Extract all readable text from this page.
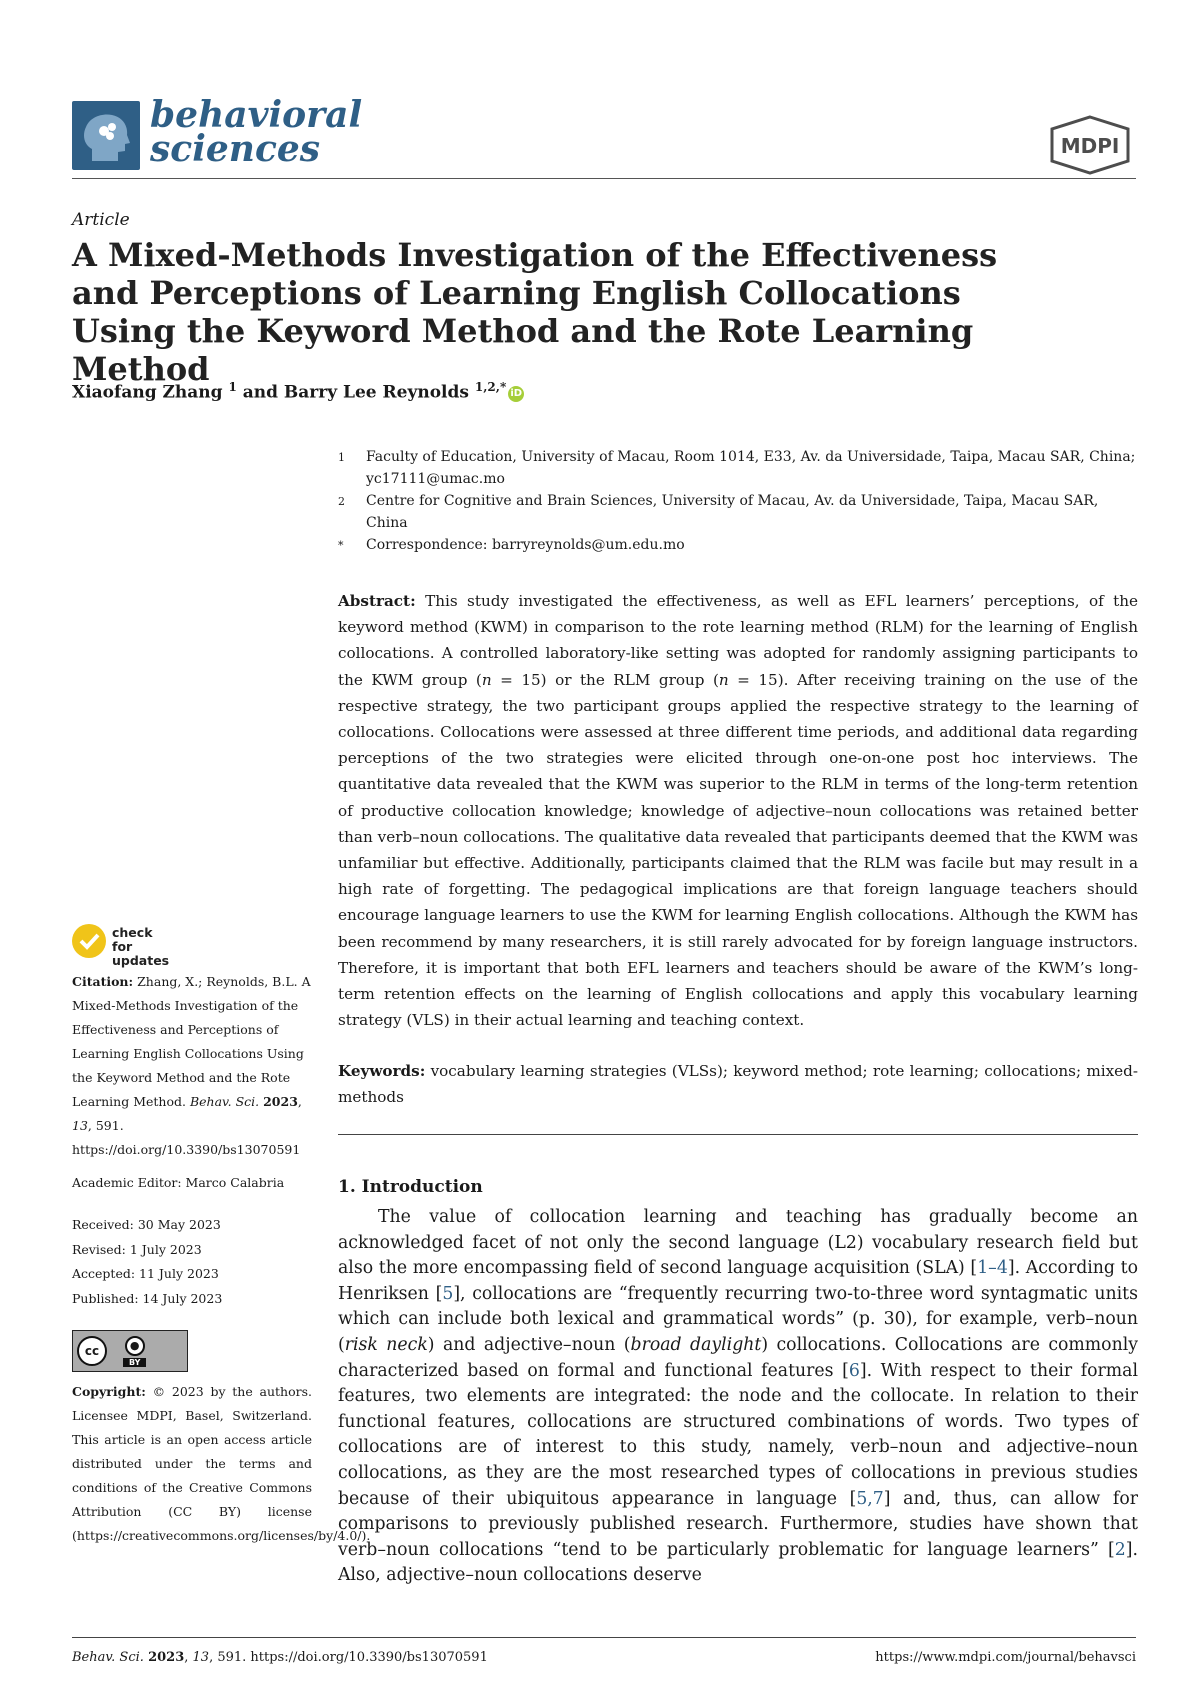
behavioral
sciences	MDPI
Article
A Mixed-Methods Investigation of the Effectiveness and Perceptions of Learning English Collocations Using the Keyword Method and the Rote Learning Method
Xiaofang Zhang $^1$ and Barry Lee Reynolds $^{1,2,*}$ iD
1	Faculty of Education, University of Macau, Room 1014, E33, Av. da Universidade, Taipa, Macau SAR, China; yc17111@umac.mo
2	Centre for Cognitive and Brain Sciences, University of Macau, Av. da Universidade, Taipa, Macau SAR, China
*	Correspondence: barryreynolds@um.edu.mo
Abstract: This study investigated the effectiveness, as well as EFL learners’ perceptions, of the keyword method (KWM) in comparison to the rote learning method (RLM) for the learning of English collocations. A controlled laboratory-like setting was adopted for randomly assigning participants to the KWM group (n = 15) or the RLM group (n = 15). After receiving training on the use of the respective strategy, the two participant groups applied the respective strategy to the learning of collocations. Collocations were assessed at three different time periods, and additional data regarding perceptions of the two strategies were elicited through one-on-one post hoc interviews. The quantitative data revealed that the KWM was superior to the RLM in terms of the long-term retention of productive collocation knowledge; knowledge of adjective–noun collocations was retained better than verb–noun collocations. The qualitative data revealed that participants deemed that the KWM was unfamiliar but effective. Additionally, participants claimed that the RLM was facile but may result in a high rate of forgetting. The pedagogical implications are that foreign language teachers should encourage language learners to use the KWM for learning English collocations. Although the KWM has been recommend by many researchers, it is still rarely advocated for by foreign language instructors. Therefore, it is important that both EFL learners and teachers should be aware of the KWM’s long-term retention effects on the learning of English collocations and apply this vocabulary learning strategy (VLS) in their actual learning and teaching context.
Keywords: vocabulary learning strategies (VLSs); keyword method; rote learning; collocations; mixed-methods
1. Introduction
The value of collocation learning and teaching has gradually become an acknowledged facet of not only the second language (L2) vocabulary research field but also the more encompassing field of second language acquisition (SLA) [1–4]. According to Henriksen [5], collocations are “frequently recurring two-to-three word syntagmatic units which can include both lexical and grammatical words” (p. 30), for example, verb–noun (risk neck) and adjective–noun (broad daylight) collocations. Collocations are commonly characterized based on formal and functional features [6]. With respect to their formal features, two elements are integrated: the node and the collocate. In relation to their functional features, collocations are structured combinations of words. Two types of collocations are of interest to this study, namely, verb–noun and adjective–noun collocations, as they are the most researched types of collocations in previous studies because of their ubiquitous appearance in language [5,7] and, thus, can allow for comparisons to previously published research. Furthermore, studies have shown that verb–noun collocations “tend to be particularly problematic for language learners” [2]. Also, adjective–noun collocations deserve
check for updates
Citation: Zhang, X.; Reynolds, B.L. A Mixed-Methods Investigation of the Effectiveness and Perceptions of Learning English Collocations Using the Keyword Method and the Rote Learning Method. Behav. Sci. 2023, 13, 591. https://doi.org/10.3390/bs13070591
Academic Editor: Marco Calabria
Received: 30 May 2023
Revised: 1 July 2023
Accepted: 11 July 2023
Published: 14 July 2023
cc	●
BY
Copyright: © 2023 by the authors. Licensee MDPI, Basel, Switzerland. This article is an open access article distributed under the terms and conditions of the Creative Commons Attribution (CC BY) license (https://creativecommons.org/licenses/by/4.0/).
Behav. Sci. 2023, 13, 591. https://doi.org/10.3390/bs13070591	https://www.mdpi.com/journal/behavsci
